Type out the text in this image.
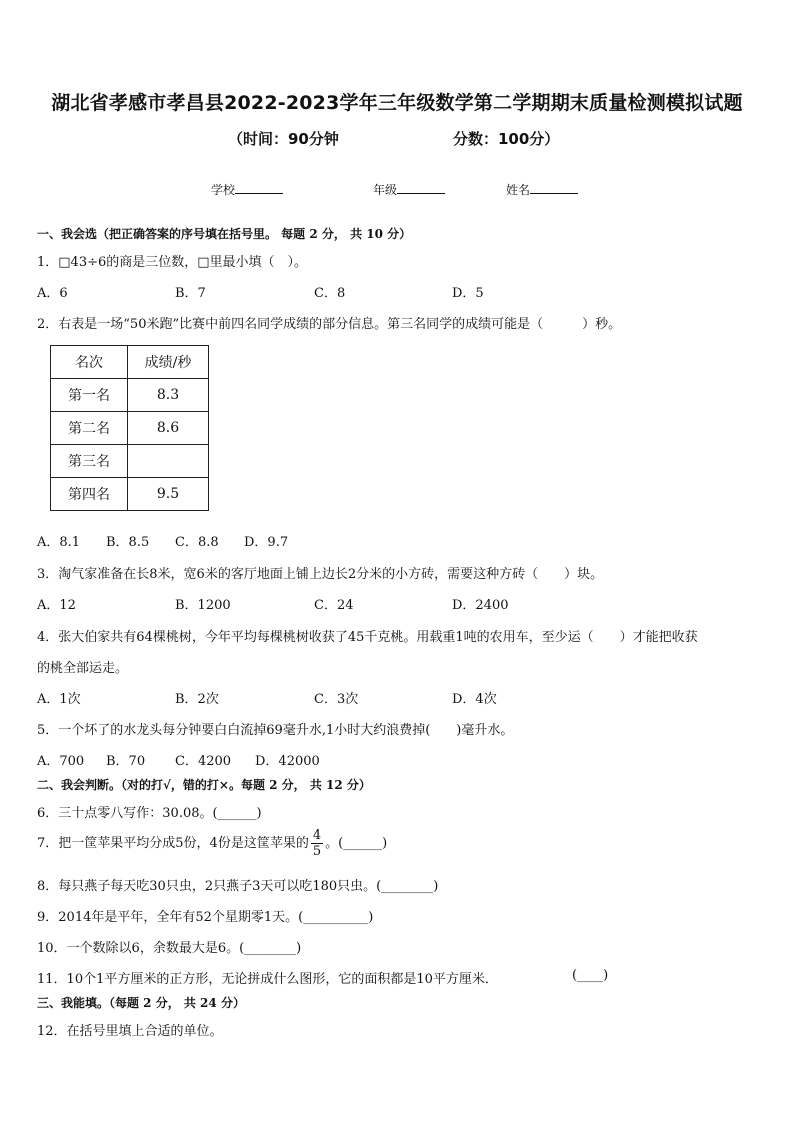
湖北省孝感市孝昌县2022-2023学年三年级数学第二学期期末质量检测模拟试题
（时间：90分钟	分数：100分）
学校	年级	姓名
一、我会选（把正确答案的序号填在括号里。 每题 2 分， 共 10 分）
1．□43÷6的商是三位数，□里最小填（　）。
A．6	B．7	C．8	D．5
2．右表是一场“50米跑”比赛中前四名同学成绩的部分信息。第三名同学的成绩可能是（　　　）秒。
名次	成绩/秒
第一名	8.3
第二名	8.6
第三名	
第四名	9.5
A．8.1 B．8.5 C．8.8 D．9.7
3．淘气家准备在长8米，宽6米的客厅地面上铺上边长2分米的小方砖，需要这种方砖（　　）块。
A．12	B．1200	C．24	D．2400
4．张大伯家共有64棵桃树，今年平均每棵桃树收获了45千克桃。用载重1吨的农用车，至少运（　　）才能把收获
的桃全部运走。
A．1次	B．2次	C．3次	D．4次
5．一个坏了的水龙头每分钟要白白流掉69毫升水,1小时大约浪费掉(　　)毫升水。
A．700 B．70 C．4200 D．42000
二、我会判断。（对的打√，错的打×。每题 2 分， 共 12 分）
6．三十点零八写作：30.08。(______)
7．把一筐苹果平均分成5份，4份是这筐苹果的 $\frac{4}{5}$ 。(______)
8．每只燕子每天吃30只虫，2只燕子3天可以吃180只虫。(________)
9．2014年是平年，全年有52个星期零1天。(__________)
10．一个数除以6，余数最大是6。(________)
11．10个1平方厘米的正方形，无论拼成什么图形，它的面积都是10平方厘米．	(____)
三、我能填。（每题 2 分， 共 24 分）
12．在括号里填上合适的单位。
